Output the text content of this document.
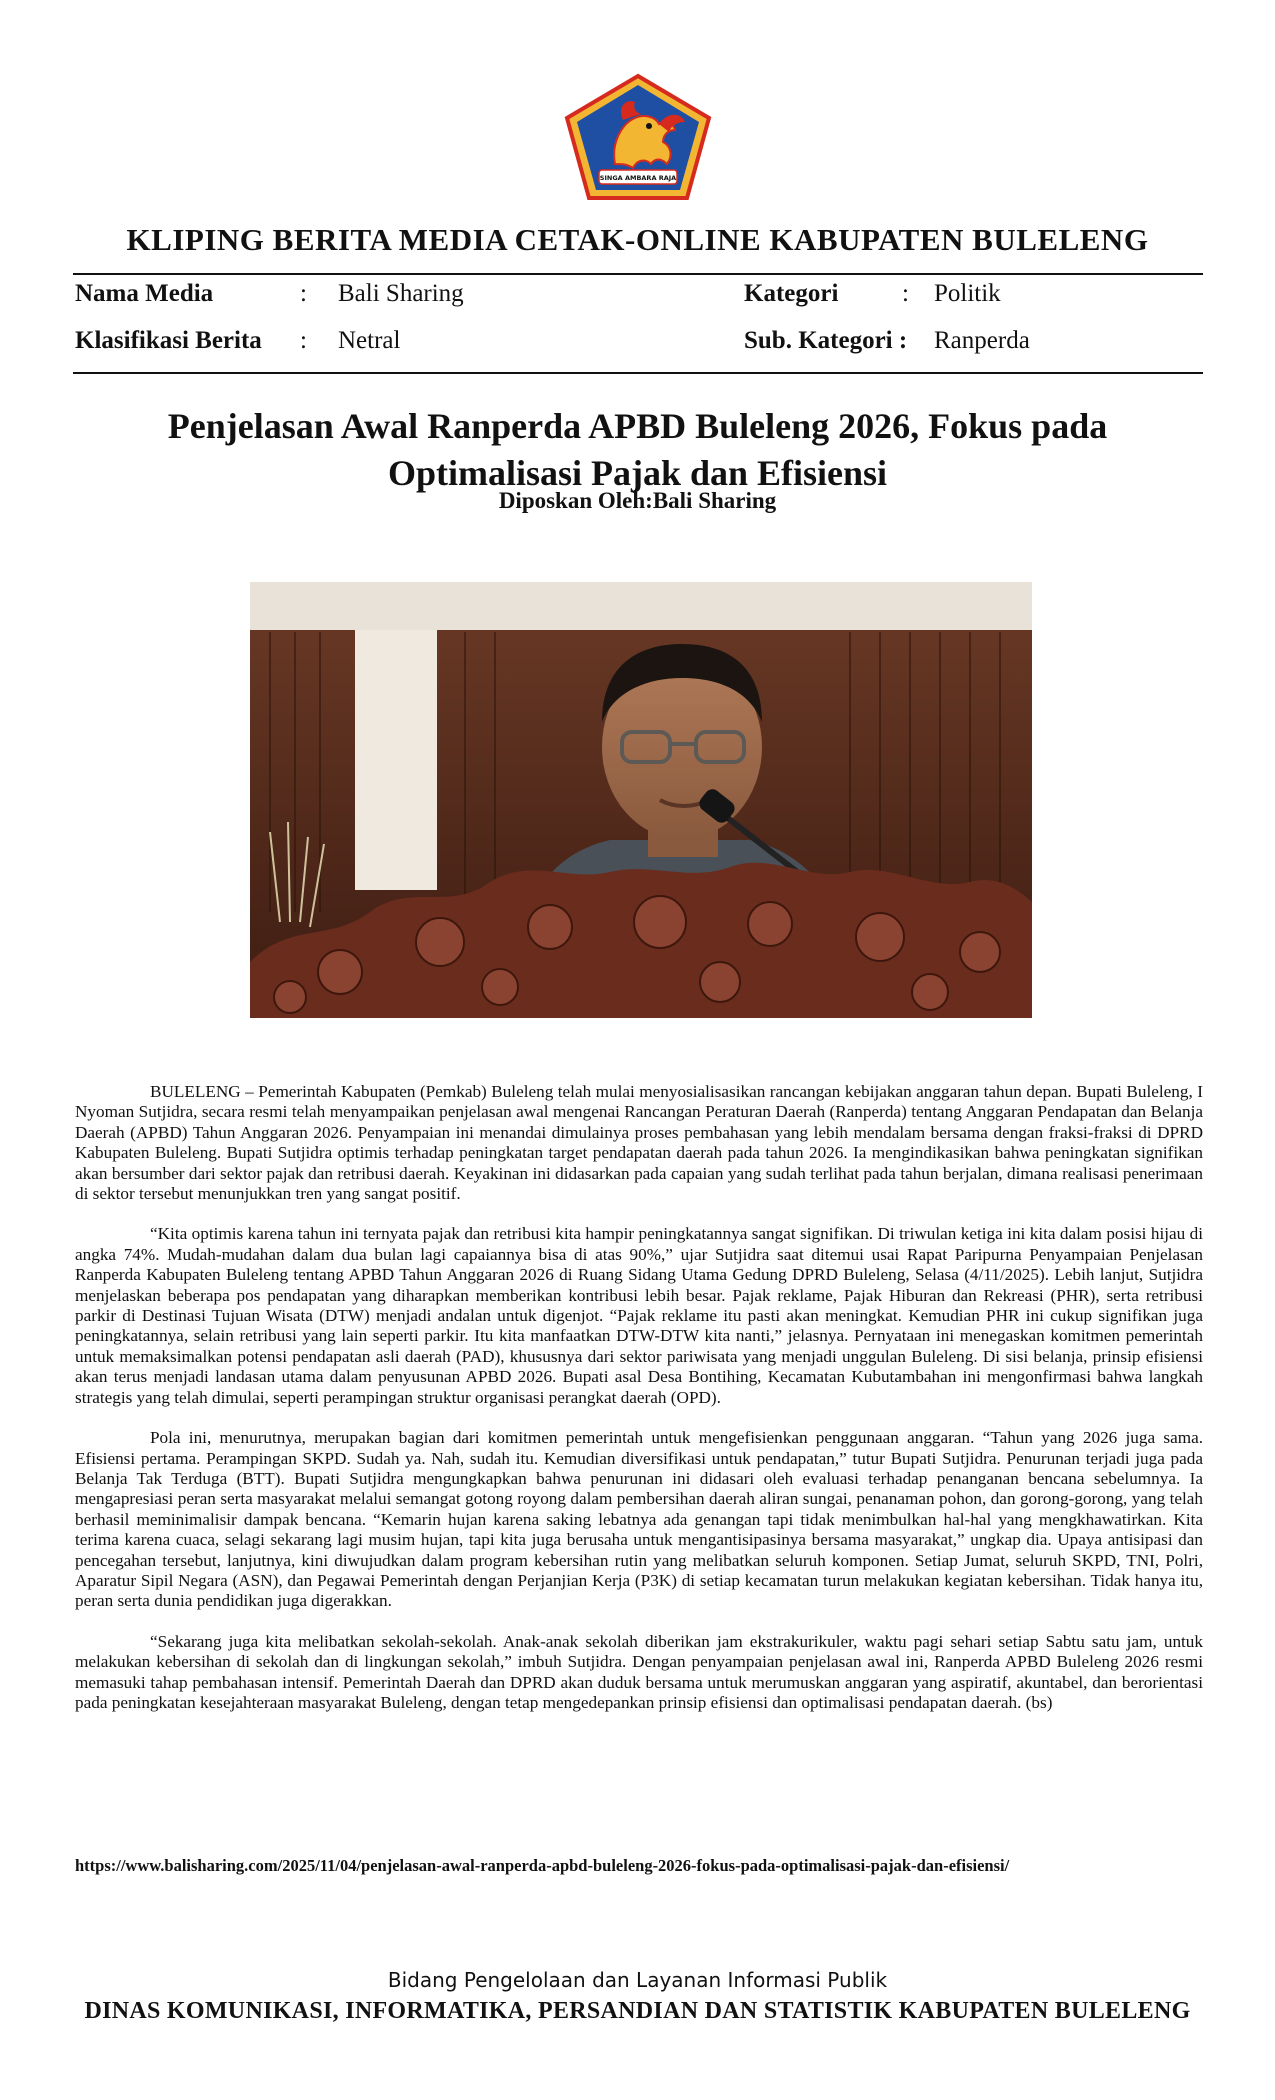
SINGA AMBARA RAJA
KLIPING BERITA MEDIA CETAK-ONLINE KABUPATEN BULELENG
Nama Media	: Bali Sharing	Kategori	: Politik
Klasifikasi Berita : Netral	Sub. Kategori : Ranperda
Penjelasan Awal Ranperda APBD Buleleng 2026, Fokus pada
Optimalisasi Pajak dan Efisiensi
Diposkan Oleh:Bali Sharing

BULELENG – Pemerintah Kabupaten (Pemkab) Buleleng telah mulai menyosialisasikan rancangan kebijakan anggaran tahun depan. Bupati Buleleng, I Nyoman Sutjidra, secara resmi telah menyampaikan penjelasan awal mengenai Rancangan Peraturan Daerah (Ranperda) tentang Anggaran Pendapatan dan Belanja Daerah (APBD) Tahun Anggaran 2026. Penyampaian ini menandai dimulainya proses pembahasan yang lebih mendalam bersama dengan fraksi-fraksi di DPRD Kabupaten Buleleng. Bupati Sutjidra optimis terhadap peningkatan target pendapatan daerah pada tahun 2026. Ia mengindikasikan bahwa peningkatan signifikan akan bersumber dari sektor pajak dan retribusi daerah. Keyakinan ini didasarkan pada capaian yang sudah terlihat pada tahun berjalan, dimana realisasi penerimaan di sektor tersebut menunjukkan tren yang sangat positif.

“Kita optimis karena tahun ini ternyata pajak dan retribusi kita hampir peningkatannya sangat signifikan. Di triwulan ketiga ini kita dalam posisi hijau di angka 74%. Mudah-mudahan dalam dua bulan lagi capaiannya bisa di atas 90%,” ujar Sutjidra saat ditemui usai Rapat Paripurna Penyampaian Penjelasan Ranperda Kabupaten Buleleng tentang APBD Tahun Anggaran 2026 di Ruang Sidang Utama Gedung DPRD Buleleng, Selasa (4/11/2025). Lebih lanjut, Sutjidra menjelaskan beberapa pos pendapatan yang diharapkan memberikan kontribusi lebih besar. Pajak reklame, Pajak Hiburan dan Rekreasi (PHR), serta retribusi parkir di Destinasi Tujuan Wisata (DTW) menjadi andalan untuk digenjot. “Pajak reklame itu pasti akan meningkat. Kemudian PHR ini cukup signifikan juga peningkatannya, selain retribusi yang lain seperti parkir. Itu kita manfaatkan DTW-DTW kita nanti,” jelasnya. Pernyataan ini menegaskan komitmen pemerintah untuk memaksimalkan potensi pendapatan asli daerah (PAD), khususnya dari sektor pariwisata yang menjadi unggulan Buleleng. Di sisi belanja, prinsip efisiensi akan terus menjadi landasan utama dalam penyusunan APBD 2026. Bupati asal Desa Bontihing, Kecamatan Kubutambahan ini mengonfirmasi bahwa langkah strategis yang telah dimulai, seperti perampingan struktur organisasi perangkat daerah (OPD).

Pola ini, menurutnya, merupakan bagian dari komitmen pemerintah untuk mengefisienkan penggunaan anggaran. “Tahun yang 2026 juga sama. Efisiensi pertama. Perampingan SKPD. Sudah ya. Nah, sudah itu. Kemudian diversifikasi untuk pendapatan,” tutur Bupati Sutjidra. Penurunan terjadi juga pada Belanja Tak Terduga (BTT). Bupati Sutjidra mengungkapkan bahwa penurunan ini didasari oleh evaluasi terhadap penanganan bencana sebelumnya. Ia mengapresiasi peran serta masyarakat melalui semangat gotong royong dalam pembersihan daerah aliran sungai, penanaman pohon, dan gorong-gorong, yang telah berhasil meminimalisir dampak bencana. “Kemarin hujan karena saking lebatnya ada genangan tapi tidak menimbulkan hal-hal yang mengkhawatirkan. Kita terima karena cuaca, selagi sekarang lagi musim hujan, tapi kita juga berusaha untuk mengantisipasinya bersama masyarakat,” ungkap dia. Upaya antisipasi dan pencegahan tersebut, lanjutnya, kini diwujudkan dalam program kebersihan rutin yang melibatkan seluruh komponen. Setiap Jumat, seluruh SKPD, TNI, Polri, Aparatur Sipil Negara (ASN), dan Pegawai Pemerintah dengan Perjanjian Kerja (P3K) di setiap kecamatan turun melakukan kegiatan kebersihan. Tidak hanya itu, peran serta dunia pendidikan juga digerakkan.

“Sekarang juga kita melibatkan sekolah-sekolah. Anak-anak sekolah diberikan jam ekstrakurikuler, waktu pagi sehari setiap Sabtu satu jam, untuk melakukan kebersihan di sekolah dan di lingkungan sekolah,” imbuh Sutjidra. Dengan penyampaian penjelasan awal ini, Ranperda APBD Buleleng 2026 resmi memasuki tahap pembahasan intensif. Pemerintah Daerah dan DPRD akan duduk bersama untuk merumuskan anggaran yang aspiratif, akuntabel, dan berorientasi pada peningkatan kesejahteraan masyarakat Buleleng, dengan tetap mengedepankan prinsip efisiensi dan optimalisasi pendapatan daerah. (bs)

https://www.balisharing.com/2025/11/04/penjelasan-awal-ranperda-apbd-buleleng-2026-fokus-pada-optimalisasi-pajak-dan-efisiensi/
Bidang Pengelolaan dan Layanan Informasi Publik
DINAS KOMUNIKASI, INFORMATIKA, PERSANDIAN DAN STATISTIK KABUPATEN BULELENG
